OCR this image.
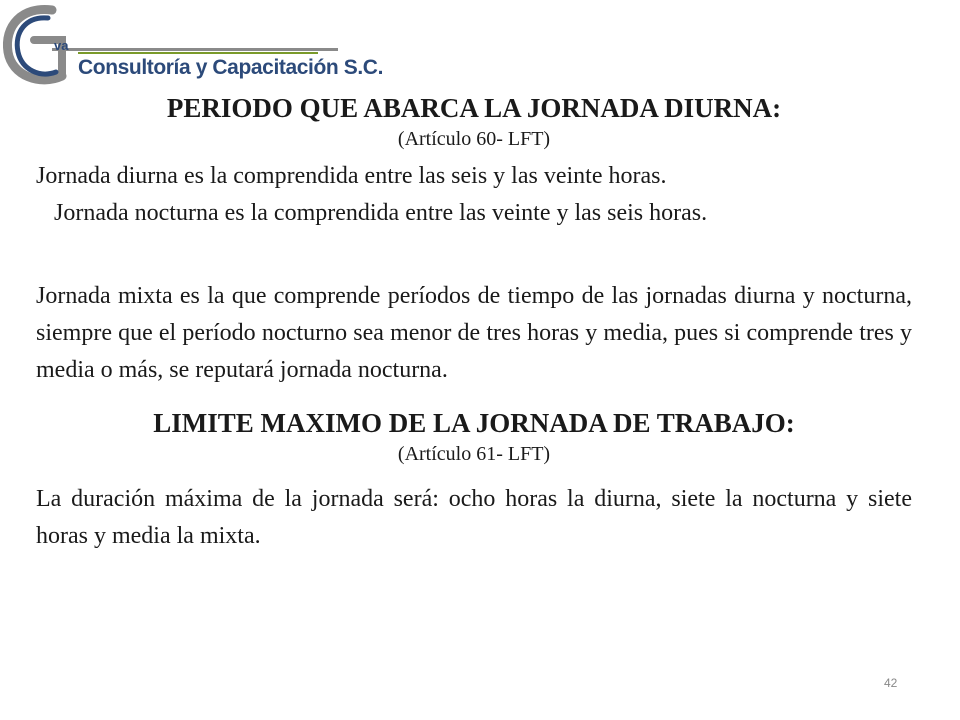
va
Consultoría y Capacitación S.C.
PERIODO QUE ABARCA LA JORNADA DIURNA:

(Artículo 60- LFT)

Jornada diurna es la comprendida entre las seis y las veinte horas.

Jornada nocturna es la comprendida entre las veinte y las seis horas.

Jornada mixta es la que comprende períodos de tiempo de las jornadas diurna y nocturna, siempre que el período nocturno sea menor de tres horas y media, pues si comprende tres y media o más, se reputará jornada nocturna.

LIMITE MAXIMO DE LA JORNADA DE TRABAJO:

(Artículo 61- LFT)

La duración máxima de la jornada será: ocho horas la diurna, siete la nocturna y siete horas y media la mixta.

42
